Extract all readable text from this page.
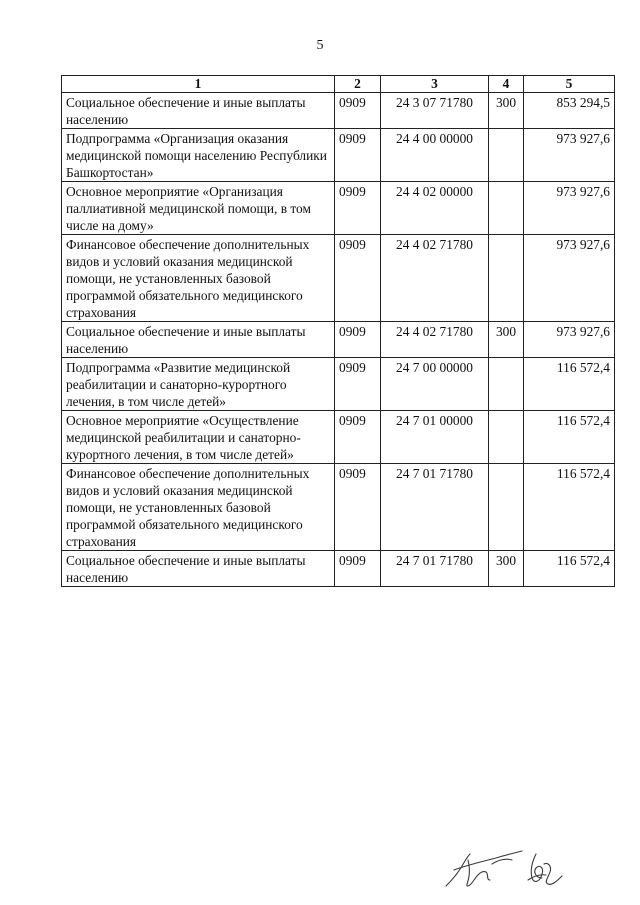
5
1	2	3	4	5
Социальное обеспечение и иные выплаты населению	0909	24 3 07 71780	300	853 294,5
Подпрограмма «Организация оказания медицинской помощи населению Республики Башкортостан»	0909	24 4 00 00000		973 927,6
Основное мероприятие «Организация паллиативной медицинской помощи, в том числе на дому»	0909	24 4 02 00000		973 927,6
Финансовое обеспечение дополнительных видов и условий оказания медицинской помощи, не установленных базовой программой обязательного медицинского страхования	0909	24 4 02 71780		973 927,6
Социальное обеспечение и иные выплаты населению	0909	24 4 02 71780	300	973 927,6
Подпрограмма «Развитие медицинской реабилитации и санаторно-курортного лечения, в том числе детей»	0909	24 7 00 00000		116 572,4
Основное мероприятие «Осуществление медицинской реабилитации и санаторно-курортного лечения, в том числе детей»	0909	24 7 01 00000		116 572,4
Финансовое обеспечение дополнительных видов и условий оказания медицинской помощи, не установленных базовой программой обязательного медицинского страхования	0909	24 7 01 71780		116 572,4
Социальное обеспечение и иные выплаты населению	0909	24 7 01 71780	300	116 572,4
